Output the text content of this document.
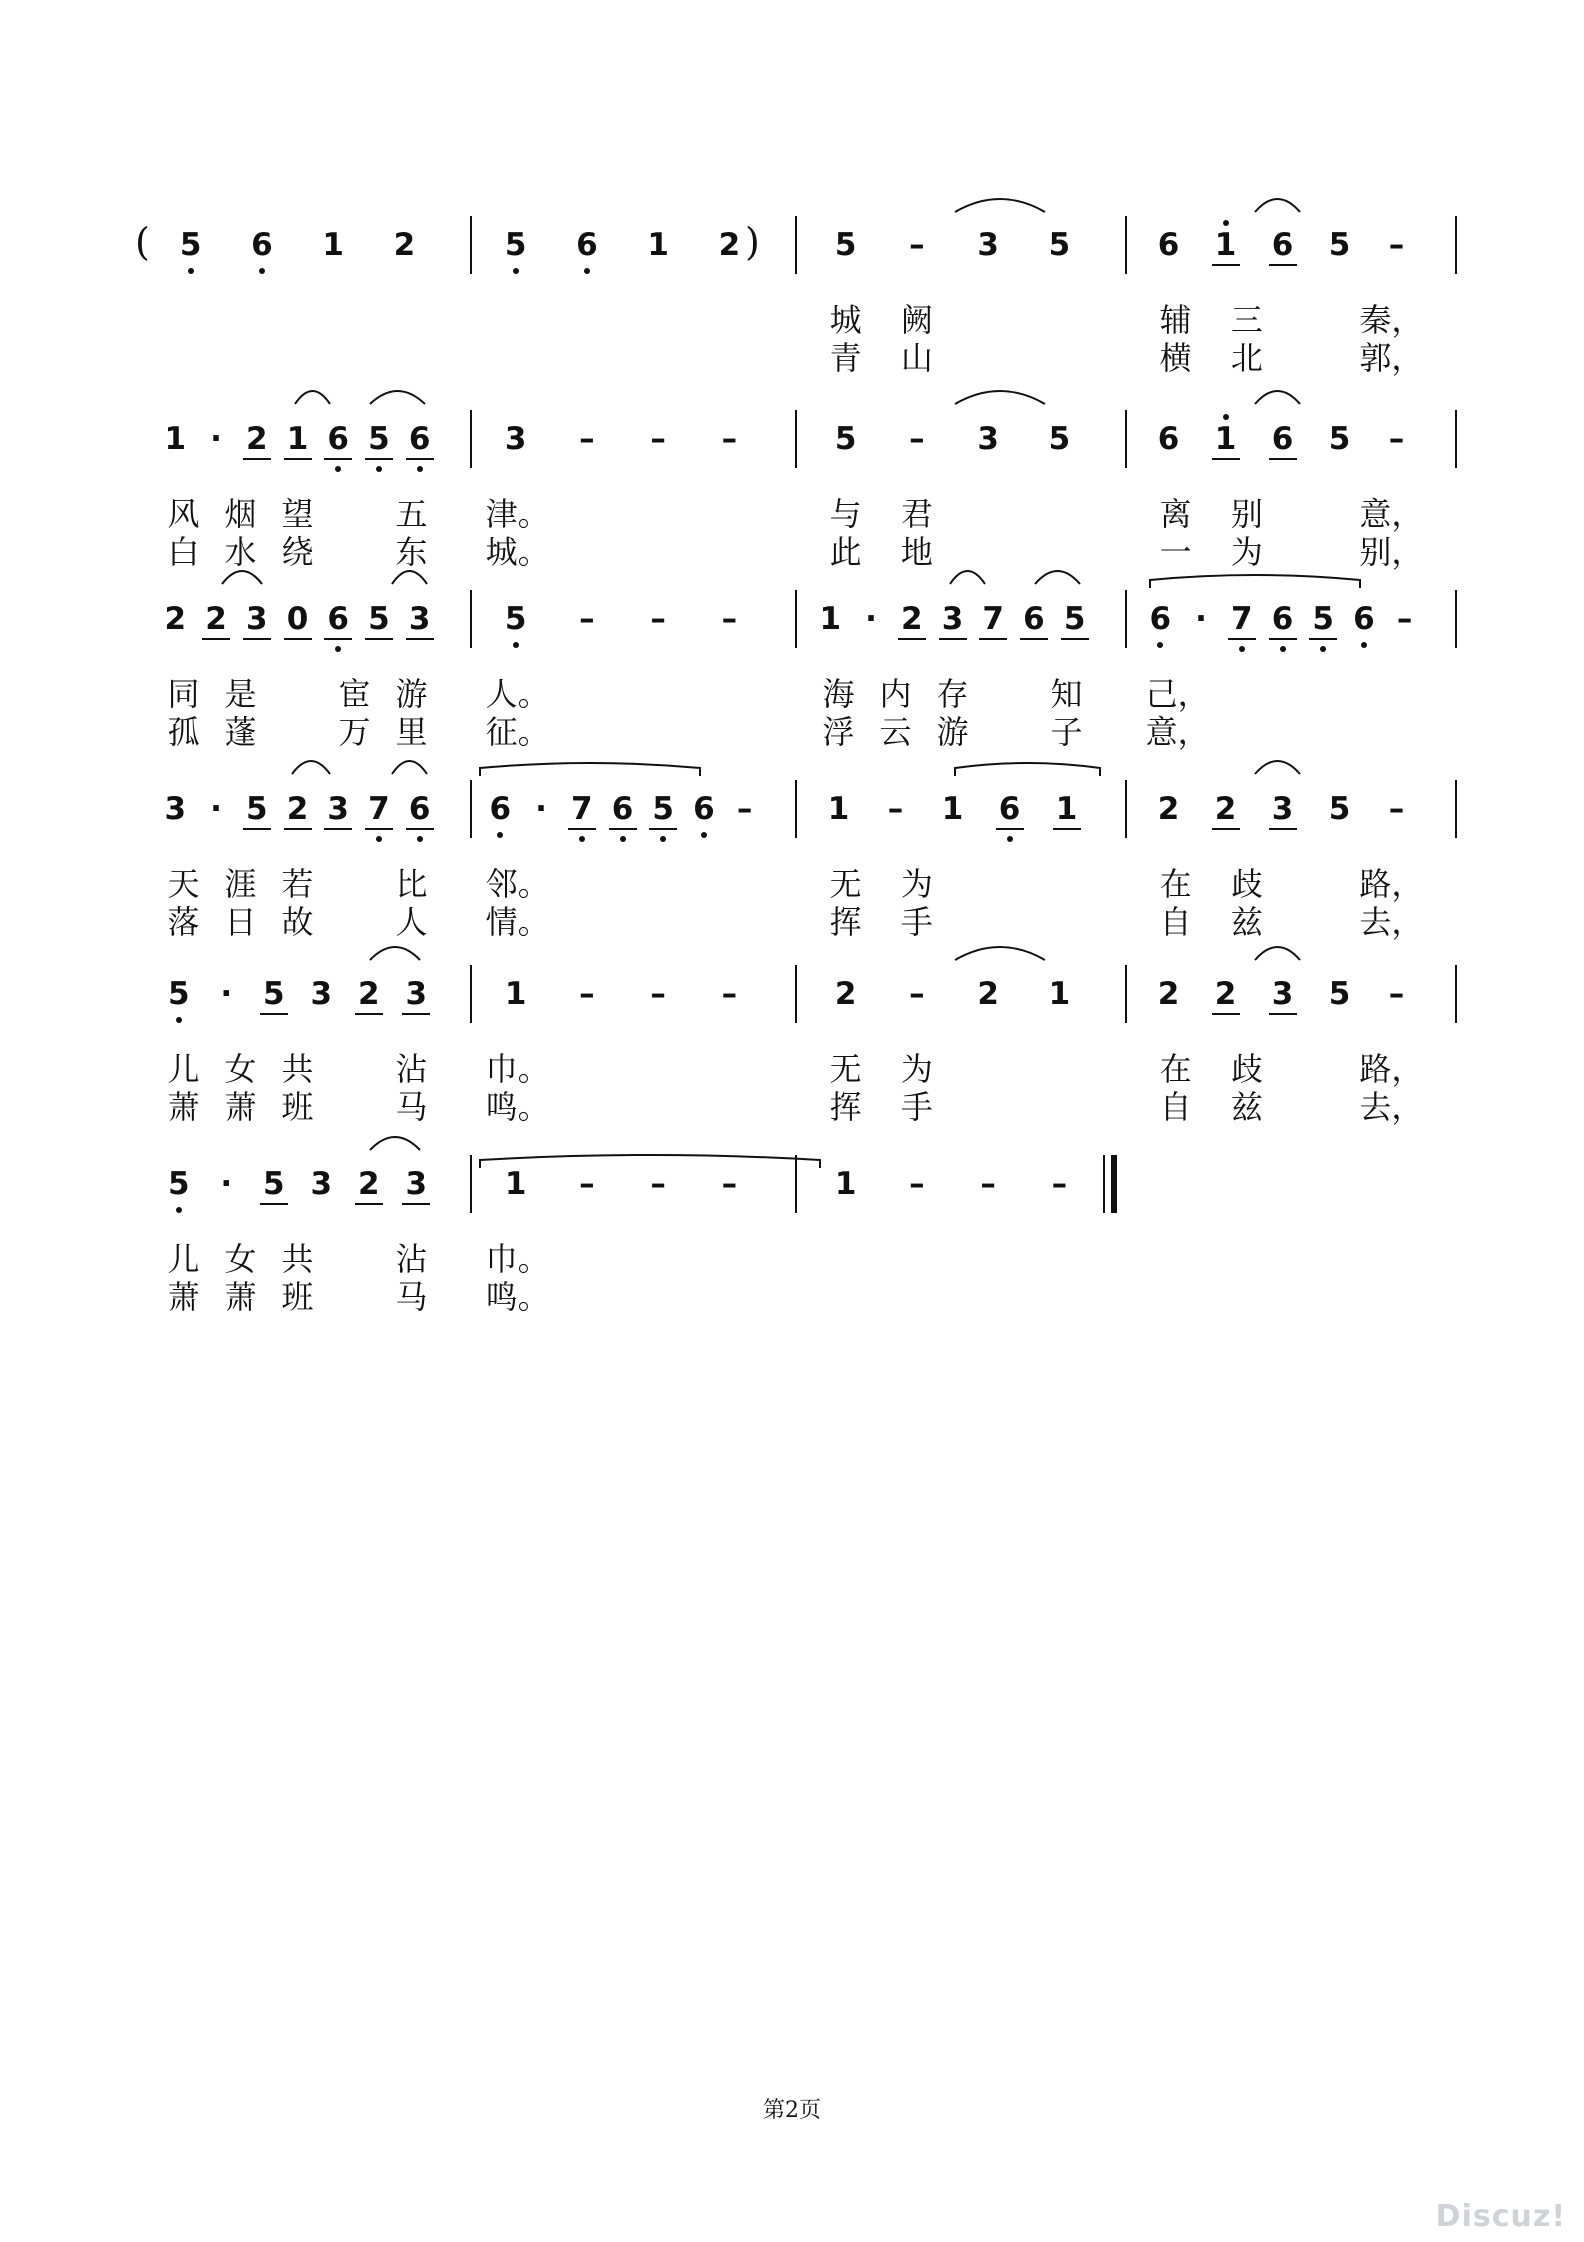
(	)
5	6	1	2	5	6	1	2	5	–	3	5
城	阙
青	山
6	1	6	5	–
辅	三	秦，
横	北	郭，
1 · 2 1 6 5 6
风 烟 望	五
白 水 绕	东
3	–	–	–
津。
城。
5	–	3	5
与	君
此	地
6	1	6	5	–
离	别	意，
一	为	别，
2 2 3 0 6 5 3
同 是	宦 游
孤 蓬	万 里
5	–	–	–
人。
征。
1 · 2 3 7 6 5
海 内 存	知
浮 云 游	子
6 · 7 6 5 6 –
己，
意，
3 · 5 2 3 7 6
天 涯 若	比
落 日 故	人
6 · 7 6 5 6 –
邻。
情。
1	–	1	6	1
无	为
挥	手
2	2	3	5	–
在	歧	路，
自	兹	去，
5 · 5 3 2 3
儿 女 共	沾
萧 萧 班	马
1	–	–	–
巾。
鸣。
2	–	2	1
无	为
挥	手
2	2	3	5	–
在	歧	路，
自	兹	去，
5 · 5 3 2 3
儿 女 共	沾
萧 萧 班	马
1	–	–	–
巾。
鸣。
1	–	–	–
第2页
Discuz!
